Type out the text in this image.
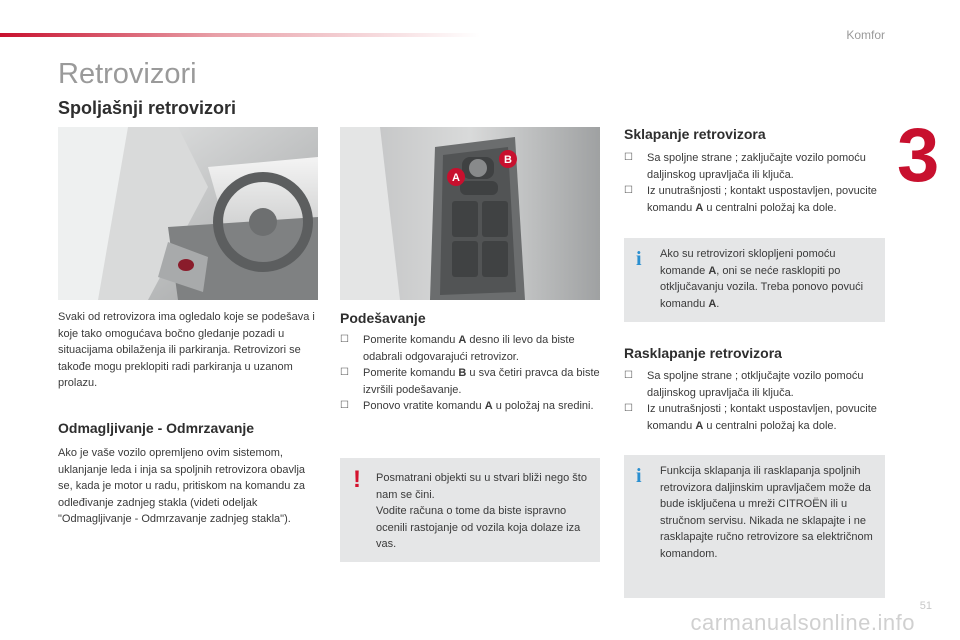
Komfor
3
Retrovizori
Spoljašnji retrovizori
B
A

Svaki od retrovizora ima ogledalo koje se podešava i koje tako omogućava bočno gledanje pozadi u situacijama obilaženja ili parkiranja. Retrovizori se takođe mogu preklopiti radi parkiranja u uzanom prolazu.

Odmagljivanje - Odmrzavanje

Ako je vaše vozilo opremljeno ovim sistemom, uklanjanje leda i inja sa spoljnih retrovizora obavlja se, kada je motor u radu, pritiskom na komandu za odleđivanje zadnjeg stakla (videti odeljak "Odmagljivanje - Odmrzavanje zadnjeg stakla").

Podešavanje
☐ Pomerite komandu A desno ili levo da biste odabrali odgovarajući retrovizor.
☐ Pomerite komandu B u sva četiri pravca da biste izvršili podešavanje.
☐ Ponovo vratite komandu A u položaj na sredini.
! Posmatrani objekti su u stvari bliži nego što nam se čini.
Vodite računa o tome da biste ispravno ocenili rastojanje od vozila koja dolaze iza vas.
Sklapanje retrovizora
☐ Sa spoljne strane ; zaključajte vozilo pomoću daljinskog upravljača ili ključa.
☐ Iz unutrašnjosti ; kontakt uspostavljen, povucite komandu A u centralni položaj ka dole.
i Ako su retrovizori sklopljeni pomoću komande A, oni se neće rasklopiti po otključavanju vozila. Treba ponovo povući komandu A.
Rasklapanje retrovizora
☐ Sa spoljne strane ; otključajte vozilo pomoću daljinskog upravljača ili ključa.
☐ Iz unutrašnjosti ; kontakt uspostavljen, povucite komandu A u centralni položaj ka dole.
i Funkcija sklapanja ili rasklapanja spoljnih retrovizora daljinskim upravljačem može da bude isključena u mreži CITROËN ili u stručnom servisu. Nikada ne sklapajte i ne rasklapajte ručno retrovizore sa električnom komandom.
51
carmanualsonline.info
